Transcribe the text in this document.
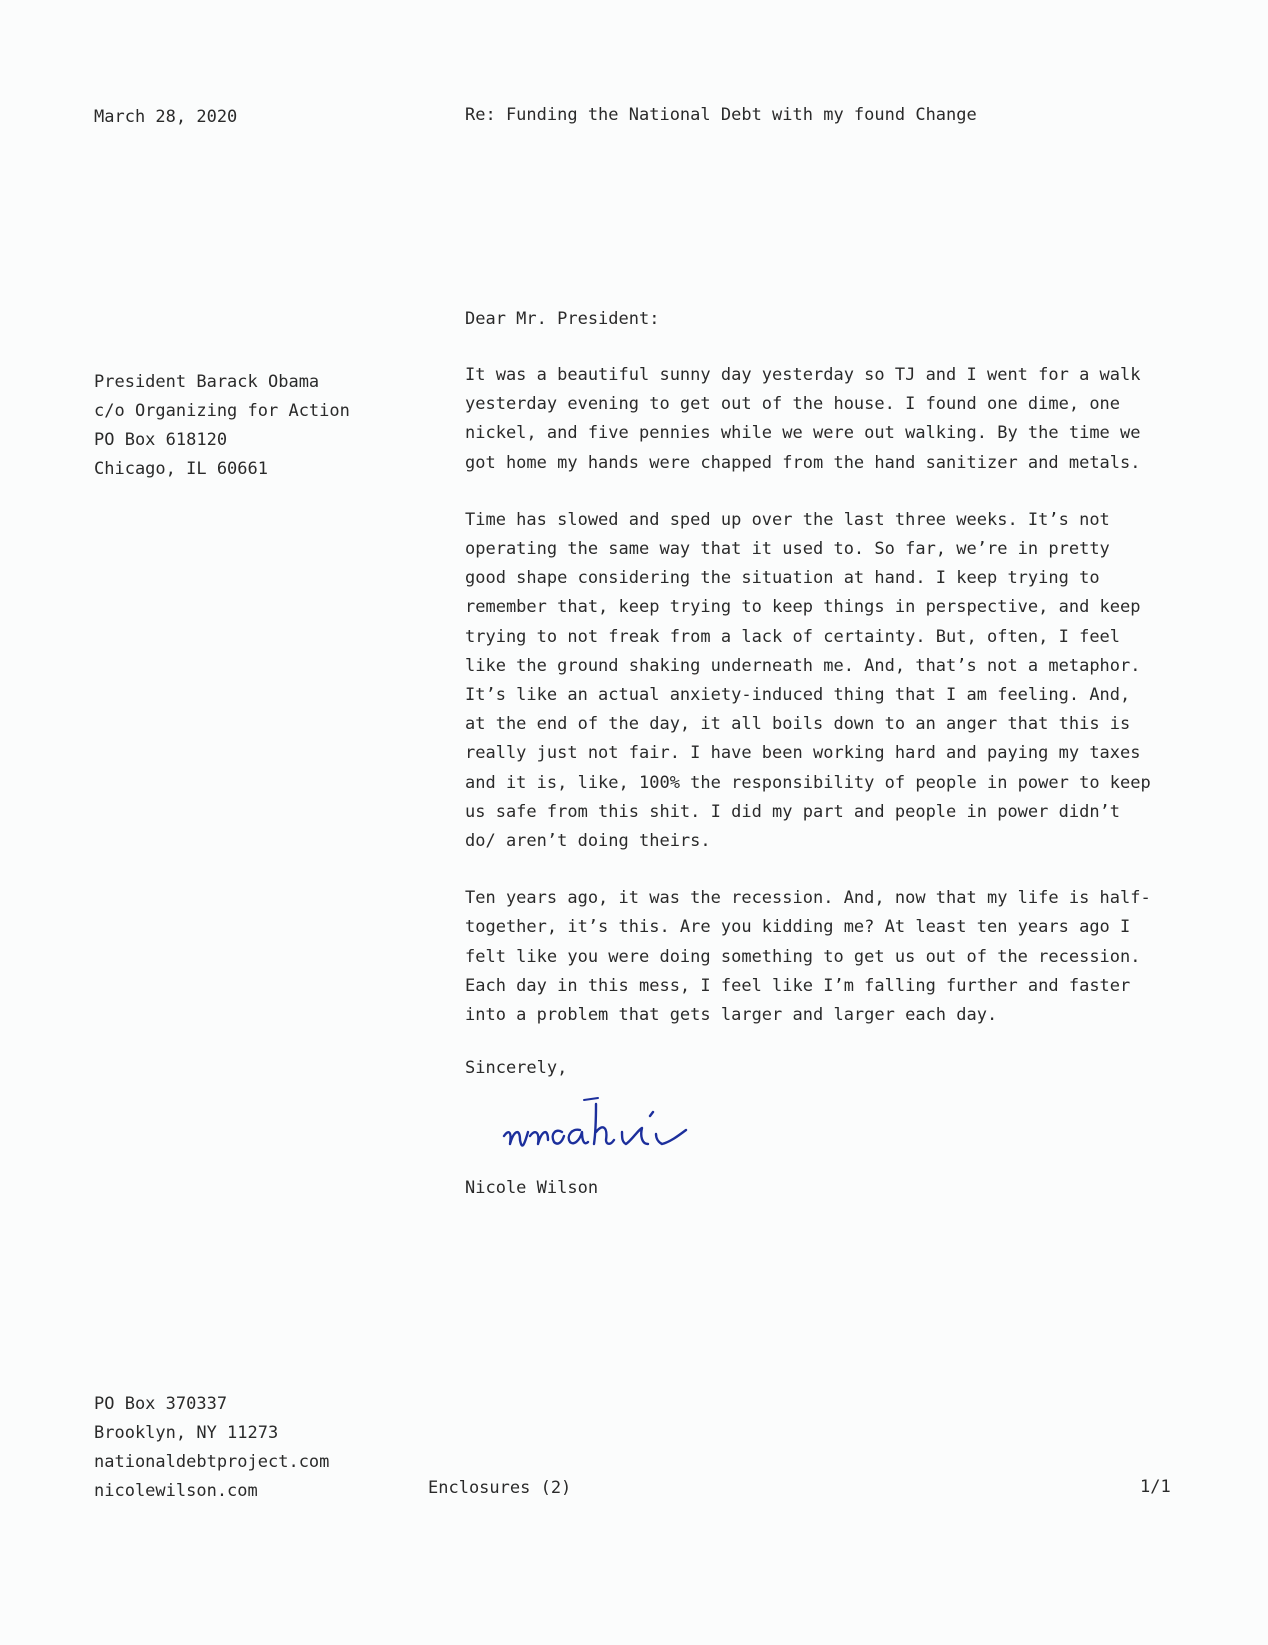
March 28, 2020	Re: Funding the National Debt with my found Change
President Barack Obama
c/o Organizing for Action
PO Box 618120
Chicago, IL 60661
Dear Mr. President:
It was a beautiful sunny day yesterday so TJ and I went for a walk
yesterday evening to get out of the house. I found one dime, one
nickel, and five pennies while we were out walking. By the time we
got home my hands were chapped from the hand sanitizer and metals.
Time has slowed and sped up over the last three weeks. It’s not
operating the same way that it used to. So far, we’re in pretty
good shape considering the situation at hand. I keep trying to
remember that, keep trying to keep things in perspective, and keep
trying to not freak from a lack of certainty. But, often, I feel
like the ground shaking underneath me. And, that’s not a metaphor.
It’s like an actual anxiety-induced thing that I am feeling. And,
at the end of the day, it all boils down to an anger that this is
really just not fair. I have been working hard and paying my taxes
and it is, like, 100% the responsibility of people in power to keep
us safe from this shit. I did my part and people in power didn’t
do/ aren’t doing theirs.
Ten years ago, it was the recession. And, now that my life is half-
together, it’s this. Are you kidding me? At least ten years ago I
felt like you were doing something to get us out of the recession.
Each day in this mess, I feel like I’m falling further and faster
into a problem that gets larger and larger each day.
Sincerely,
Nicole Wilson
PO Box 370337
Brooklyn, NY 11273
nationaldebtproject.com
nicolewilson.com	Enclosures (2)	1/1
